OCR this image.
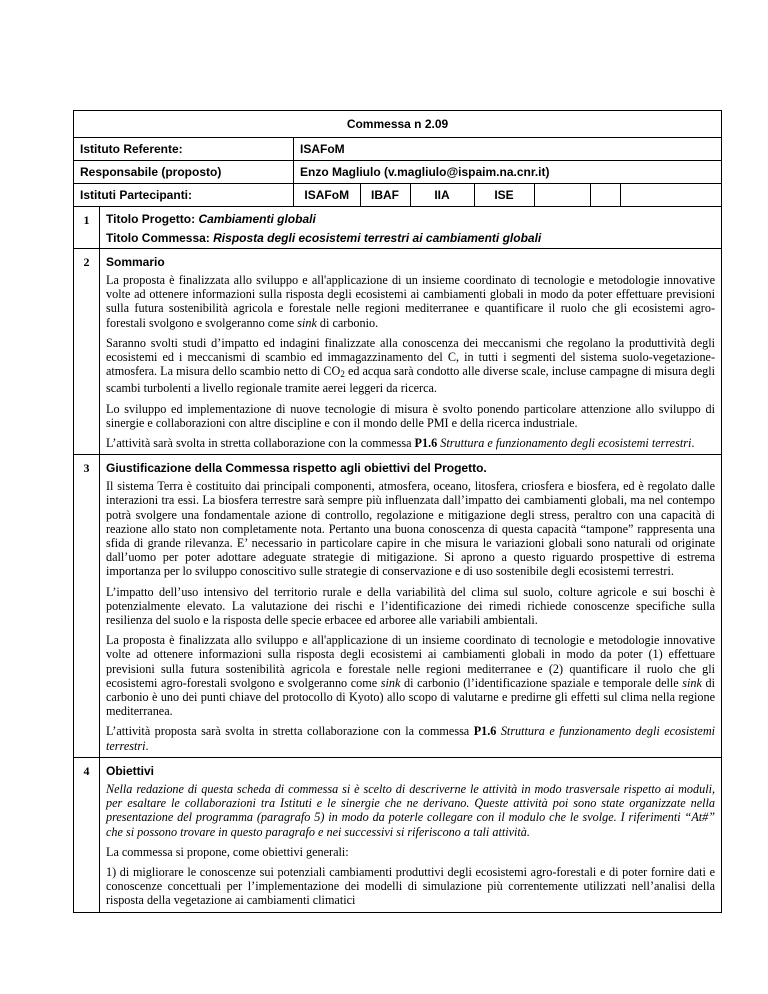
Commessa n 2.09
Istituto Referente:	ISAFoM
Responsabile (proposto)	Enzo Magliulo (v.magliulo@ispaim.na.cnr.it)
Istituti Partecipanti:		ISAFoM	IBAF	IIA	ISE			

1	Titolo Progetto: Cambiamenti globali
Titolo Commessa: Risposta degli ecosistemi terrestri ai cambiamenti globali

2	Sommario

La proposta è finalizzata allo sviluppo e all'applicazione di un insieme coordinato di tecnologie e metodologie innovative volte ad ottenere informazioni sulla risposta degli ecosistemi ai cambiamenti globali in modo da poter effettuare previsioni sulla futura sostenibilità agricola e forestale nelle regioni mediterranee e quantificare il ruolo che gli ecosistemi agro-forestali svolgono e svolgeranno come sink di carbonio.

Saranno svolti studi d’impatto ed indagini finalizzate alla conoscenza dei meccanismi che regolano la produttività degli ecosistemi ed i meccanismi di scambio ed immagazzinamento del C, in tutti i segmenti del sistema suolo-vegetazione-atmosfera. La misura dello scambio netto di $CO_2$ ed acqua sarà condotto alle diverse scale, incluse campagne di misura degli scambi turbolenti a livello regionale tramite aerei leggeri da ricerca.

Lo sviluppo ed implementazione di nuove tecnologie di misura è svolto ponendo particolare attenzione allo sviluppo di sinergie e collaborazioni con altre discipline e con il mondo delle PMI e della ricerca industriale.

L’attività sarà svolta in stretta collaborazione con la commessa P1.6 Struttura e funzionamento degli ecosistemi terrestri.

3	Giustificazione della Commessa rispetto agli obiettivi del Progetto.

Il sistema Terra è costituito dai principali componenti, atmosfera, oceano, litosfera, criosfera e biosfera, ed è regolato dalle interazioni tra essi. La biosfera terrestre sarà sempre più influenzata dall’impatto dei cambiamenti globali, ma nel contempo potrà svolgere una fondamentale azione di controllo, regolazione e mitigazione degli stress, peraltro con una capacità di reazione allo stato non completamente nota. Pertanto una buona conoscenza di questa capacità “tampone” rappresenta una sfida di grande rilevanza. E’ necessario in particolare capire in che misura le variazioni globali sono naturali od originate dall’uomo per poter adottare adeguate strategie di mitigazione. Si aprono a questo riguardo prospettive di estrema importanza per lo sviluppo conoscitivo sulle strategie di conservazione e di uso sostenibile degli ecosistemi terrestri.

L’impatto dell’uso intensivo del territorio rurale e della variabilità del clima sul suolo, colture agricole e sui boschi è potenzialmente elevato. La valutazione dei rischi e l’identificazione dei rimedi richiede conoscenze specifiche sulla resilienza del suolo e la risposta delle specie erbacee ed arboree alle variabili ambientali.

La proposta è finalizzata allo sviluppo e all'applicazione di un insieme coordinato di tecnologie e metodologie innovative volte ad ottenere informazioni sulla risposta degli ecosistemi ai cambiamenti globali in modo da poter (1) effettuare previsioni sulla futura sostenibilità agricola e forestale nelle regioni mediterranee e (2) quantificare il ruolo che gli ecosistemi agro-forestali svolgono e svolgeranno come sink di carbonio (l’identificazione spaziale e temporale delle sink di carbonio è uno dei punti chiave del protocollo di Kyoto) allo scopo di valutarne e predirne gli effetti sul clima nella regione mediterranea.

L’attività proposta sarà svolta in stretta collaborazione con la commessa P1.6 Struttura e funzionamento degli ecosistemi terrestri.

4	Obiettivi

Nella redazione di questa scheda di commessa si è scelto di descriverne le attività in modo trasversale rispetto ai moduli, per esaltare le collaborazioni tra Istituti e le sinergie che ne derivano. Queste attività poi sono state organizzate nella presentazione del programma (paragrafo 5) in modo da poterle collegare con il modulo che le svolge. I riferimenti “At#” che si possono trovare in questo paragrafo e nei successivi si riferiscono a tali attività.

La commessa si propone, come obiettivi generali:

1) di migliorare le conoscenze sui potenziali cambiamenti produttivi degli ecosistemi agro-forestali e di poter fornire dati e conoscenze concettuali per l’implementazione dei modelli di simulazione più correntemente utilizzati nell’analisi della risposta della vegetazione ai cambiamenti climatici
